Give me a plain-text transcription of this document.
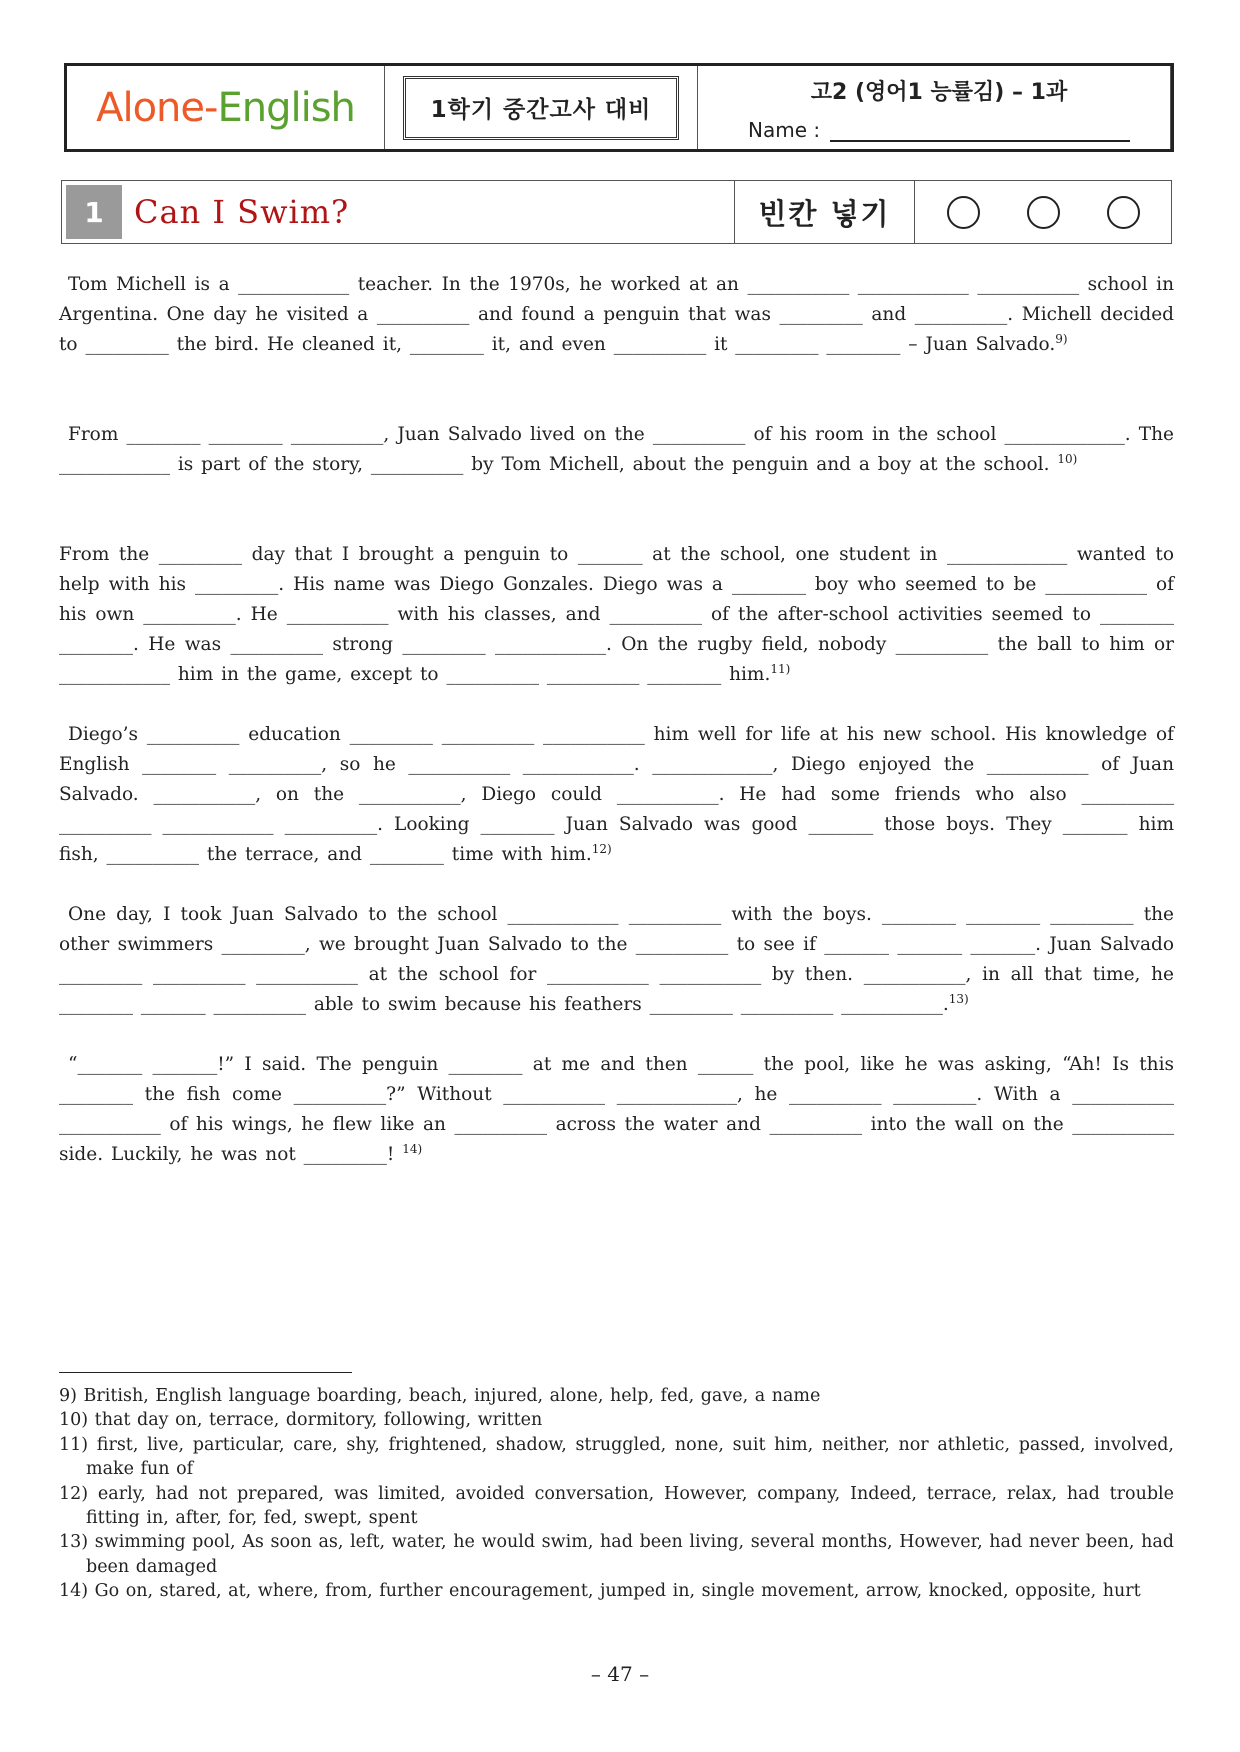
Alone - English	1학기 중간고사 대비
고2 (영어1 능률김) – 1과
Name :
1 Can I Swim?	빈칸 넣기

Tom Michell is a ____________ teacher. In the 1970s, he worked at an ___________ ____________ ___________ school in Argentina. One day he visited a __________ and found a penguin that was _________ and __________. Michell decided to _________ the bird. He cleaned it, ________ it, and even __________ it _________ ________ – Juan Salvado.$^{9)}$

From ________ ________ __________, Juan Salvado lived on the __________ of his room in the school _____________. The ____________ is part of the story, __________ by Tom Michell, about the penguin and a boy at the school. $^{10)}$

From the _________ day that I brought a penguin to _______ at the school, one student in _____________ wanted to help with his _________. His name was Diego Gonzales. Diego was a ________ boy who seemed to be ___________ of his own __________. He ___________ with his classes, and __________ of the after-school activities seemed to ________ ________. He was __________ strong _________ ____________. On the rugby field, nobody __________ the ball to him or ____________ him in the game, except to __________ __________ ________ him.$^{11)}$

Diego’s __________ education _________ __________ ___________ him well for life at his new school. His knowledge of English ________ __________, so he ___________ ____________. _____________, Diego enjoyed the ___________ of Juan Salvado. ___________, on the ___________, Diego could ___________. He had some friends who also __________ __________ ____________ __________. Looking ________ Juan Salvado was good _______ those boys. They _______ him fish, __________ the terrace, and ________ time with him.$^{12)}$

One day, I took Juan Salvado to the school ____________ __________ with the boys. ________ ________ _________ the other swimmers _________, we brought Juan Salvado to the __________ to see if _______ _______ _______. Juan Salvado _________ __________ ___________ at the school for ___________ ___________ by then. ___________, in all that time, he ________ _______ __________ able to swim because his feathers _________ __________ ___________.$^{13)}$

“_______ _______!” I said. The penguin ________ at me and then ______ the pool, like he was asking, “Ah! Is this ________ the fish come __________?” Without ___________ _____________, he __________ _________. With a ___________ ___________ of his wings, he flew like an __________ across the water and __________ into the wall on the ___________ side. Luckily, he was not _________! $^{14)}$

9) British, English language boarding, beach, injured, alone, help, fed, gave, a name
10) that day on, terrace, dormitory, following, written
11) first, live, particular, care, shy, frightened, shadow, struggled, none, suit him, neither, nor athletic, passed, involved, make fun of
12) early, had not prepared, was limited, avoided conversation, However, company, Indeed, terrace, relax, had trouble fitting in, after, for, fed, swept, spent
13) swimming pool, As soon as, left, water, he would swim, had been living, several months, However, had never been, had been damaged
14) Go on, stared, at, where, from, further encouragement, jumped in, single movement, arrow, knocked, opposite, hurt
– 47 –
